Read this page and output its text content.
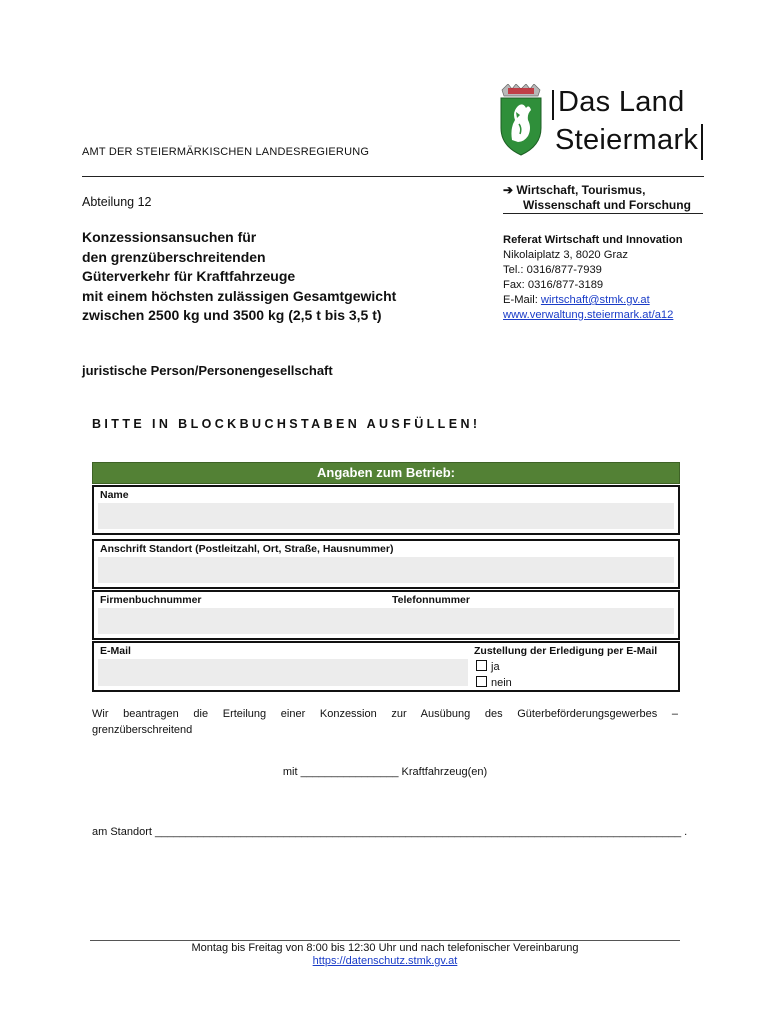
Das Land
Steiermark
AMT DER STEIERMÄRKISCHEN LANDESREGIERUNG
Abteilung 12
➔ Wirtschaft, Tourismus,
Wissenschaft und Forschung
Konzessionsansuchen für
den grenzüberschreitenden
Güterverkehr für Kraftfahrzeuge
mit einem höchsten zulässigen Gesamtgewicht
zwischen 2500 kg und 3500 kg (2,5 t bis 3,5 t)
Referat Wirtschaft und Innovation
Nikolaiplatz 3, 8020 Graz
Tel.: 0316/877-7939
Fax: 0316/877-3189
E-Mail: wirtschaft@stmk.gv.at
www.verwaltung.steiermark.at/a12
juristische Person/Personengesellschaft
BITTE IN BLOCKBUCHSTABEN AUSFÜLLEN!
Angaben zum Betrieb:
Name
Anschrift Standort (Postleitzahl, Ort, Straße, Hausnummer)
Firmenbuchnummer	Telefonnummer
E-Mail	Zustellung der Erledigung per E-Mail
ja
nein
Wir beantragen die Erteilung einer Konzession zur Ausübung des Güterbeförderungsgewerbes – grenzüberschreitend
mit ________________ Kraftfahrzeug(en)
am Standort ______________________________________________________________________________________ .
Montag bis Freitag von 8:00 bis 12:30 Uhr und nach telefonischer Vereinbarung
https://datenschutz.stmk.gv.at
